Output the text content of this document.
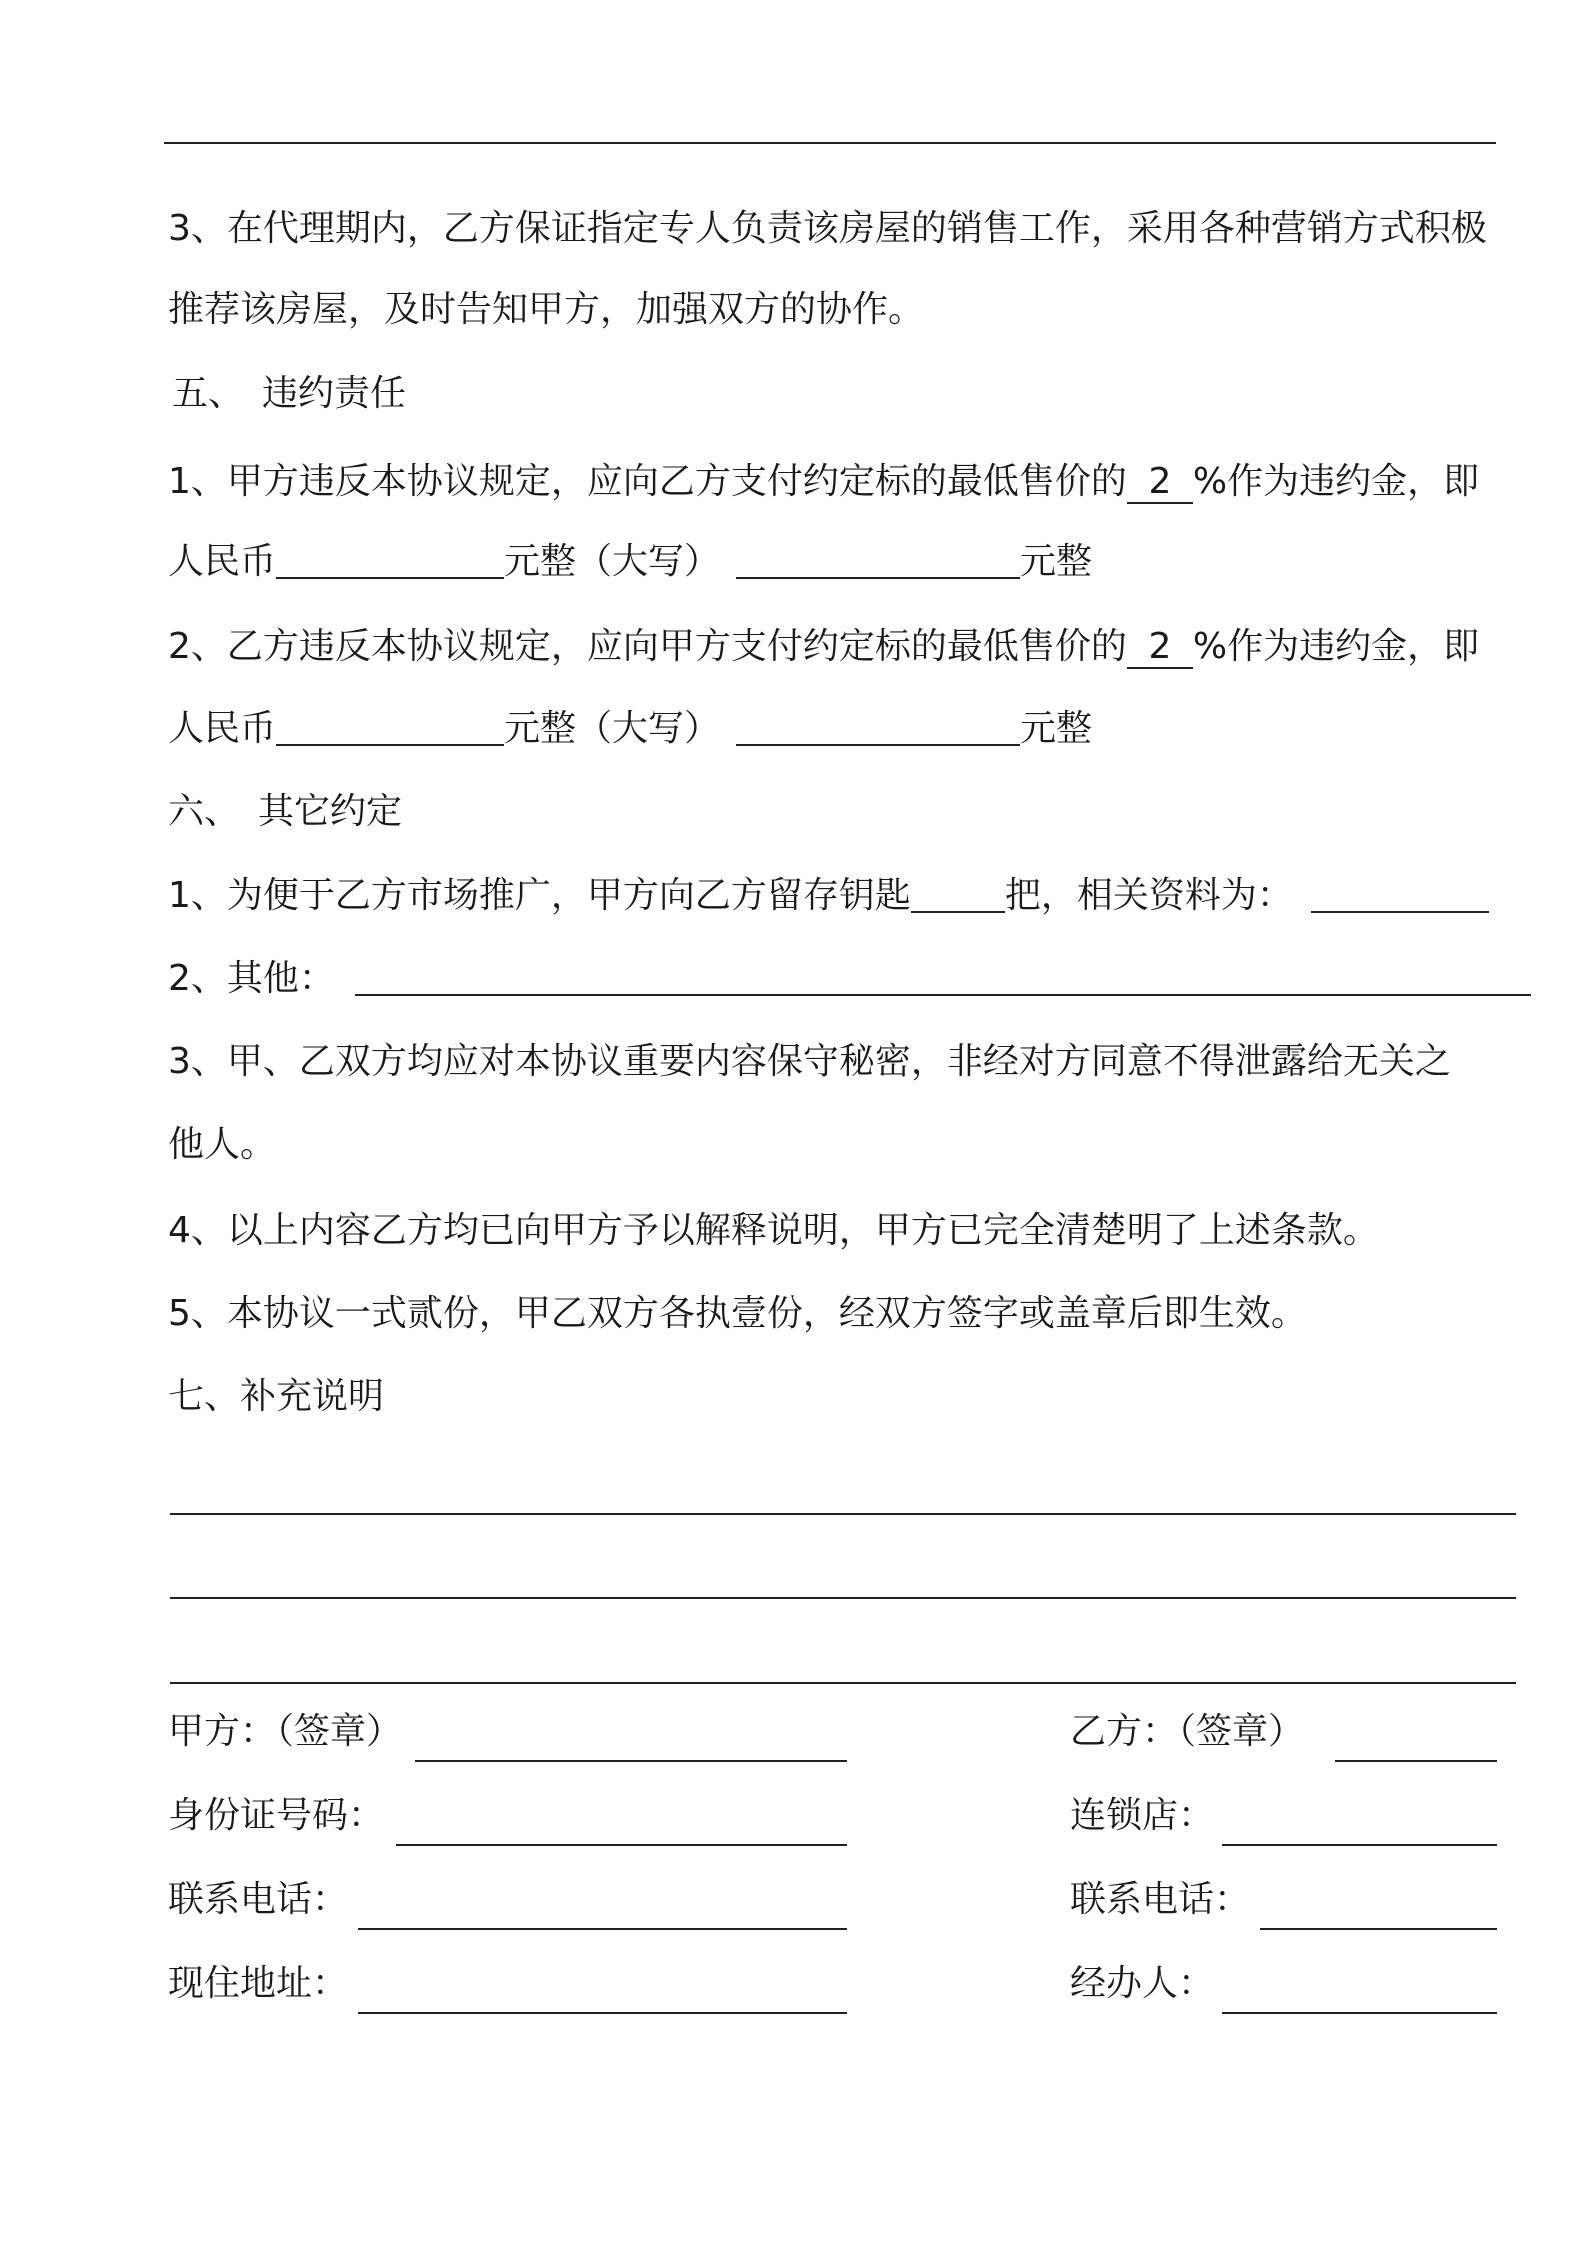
3、在代理期内，乙方保证指定专人负责该房屋的销售工作，采用各种营销方式积极
推荐该房屋，及时告知甲方，加强双方的协作。
五、　违约责任
1、甲方违反本协议规定，应向乙方支付约定标的最低售价的 2 %作为违约金，即
人民币	元整（大写）	元整
2、乙方违反本协议规定，应向甲方支付约定标的最低售价的 2 %作为违约金，即
人民币	元整（大写）	元整
六、　其它约定
1、为便于乙方市场推广，甲方向乙方留存钥匙	把，相关资料为：
2、其他：
3、甲、乙双方均应对本协议重要内容保守秘密，非经对方同意不得泄露给无关之
他人。
4、以上内容乙方均已向甲方予以解释说明，甲方已完全清楚明了上述条款。
5、本协议一式贰份，甲乙双方各执壹份，经双方签字或盖章后即生效。
七、补充说明
甲方：（签章）	乙方：（签章）
身份证号码：	连锁店：
联系电话：	联系电话：
现住地址：	经办人：
